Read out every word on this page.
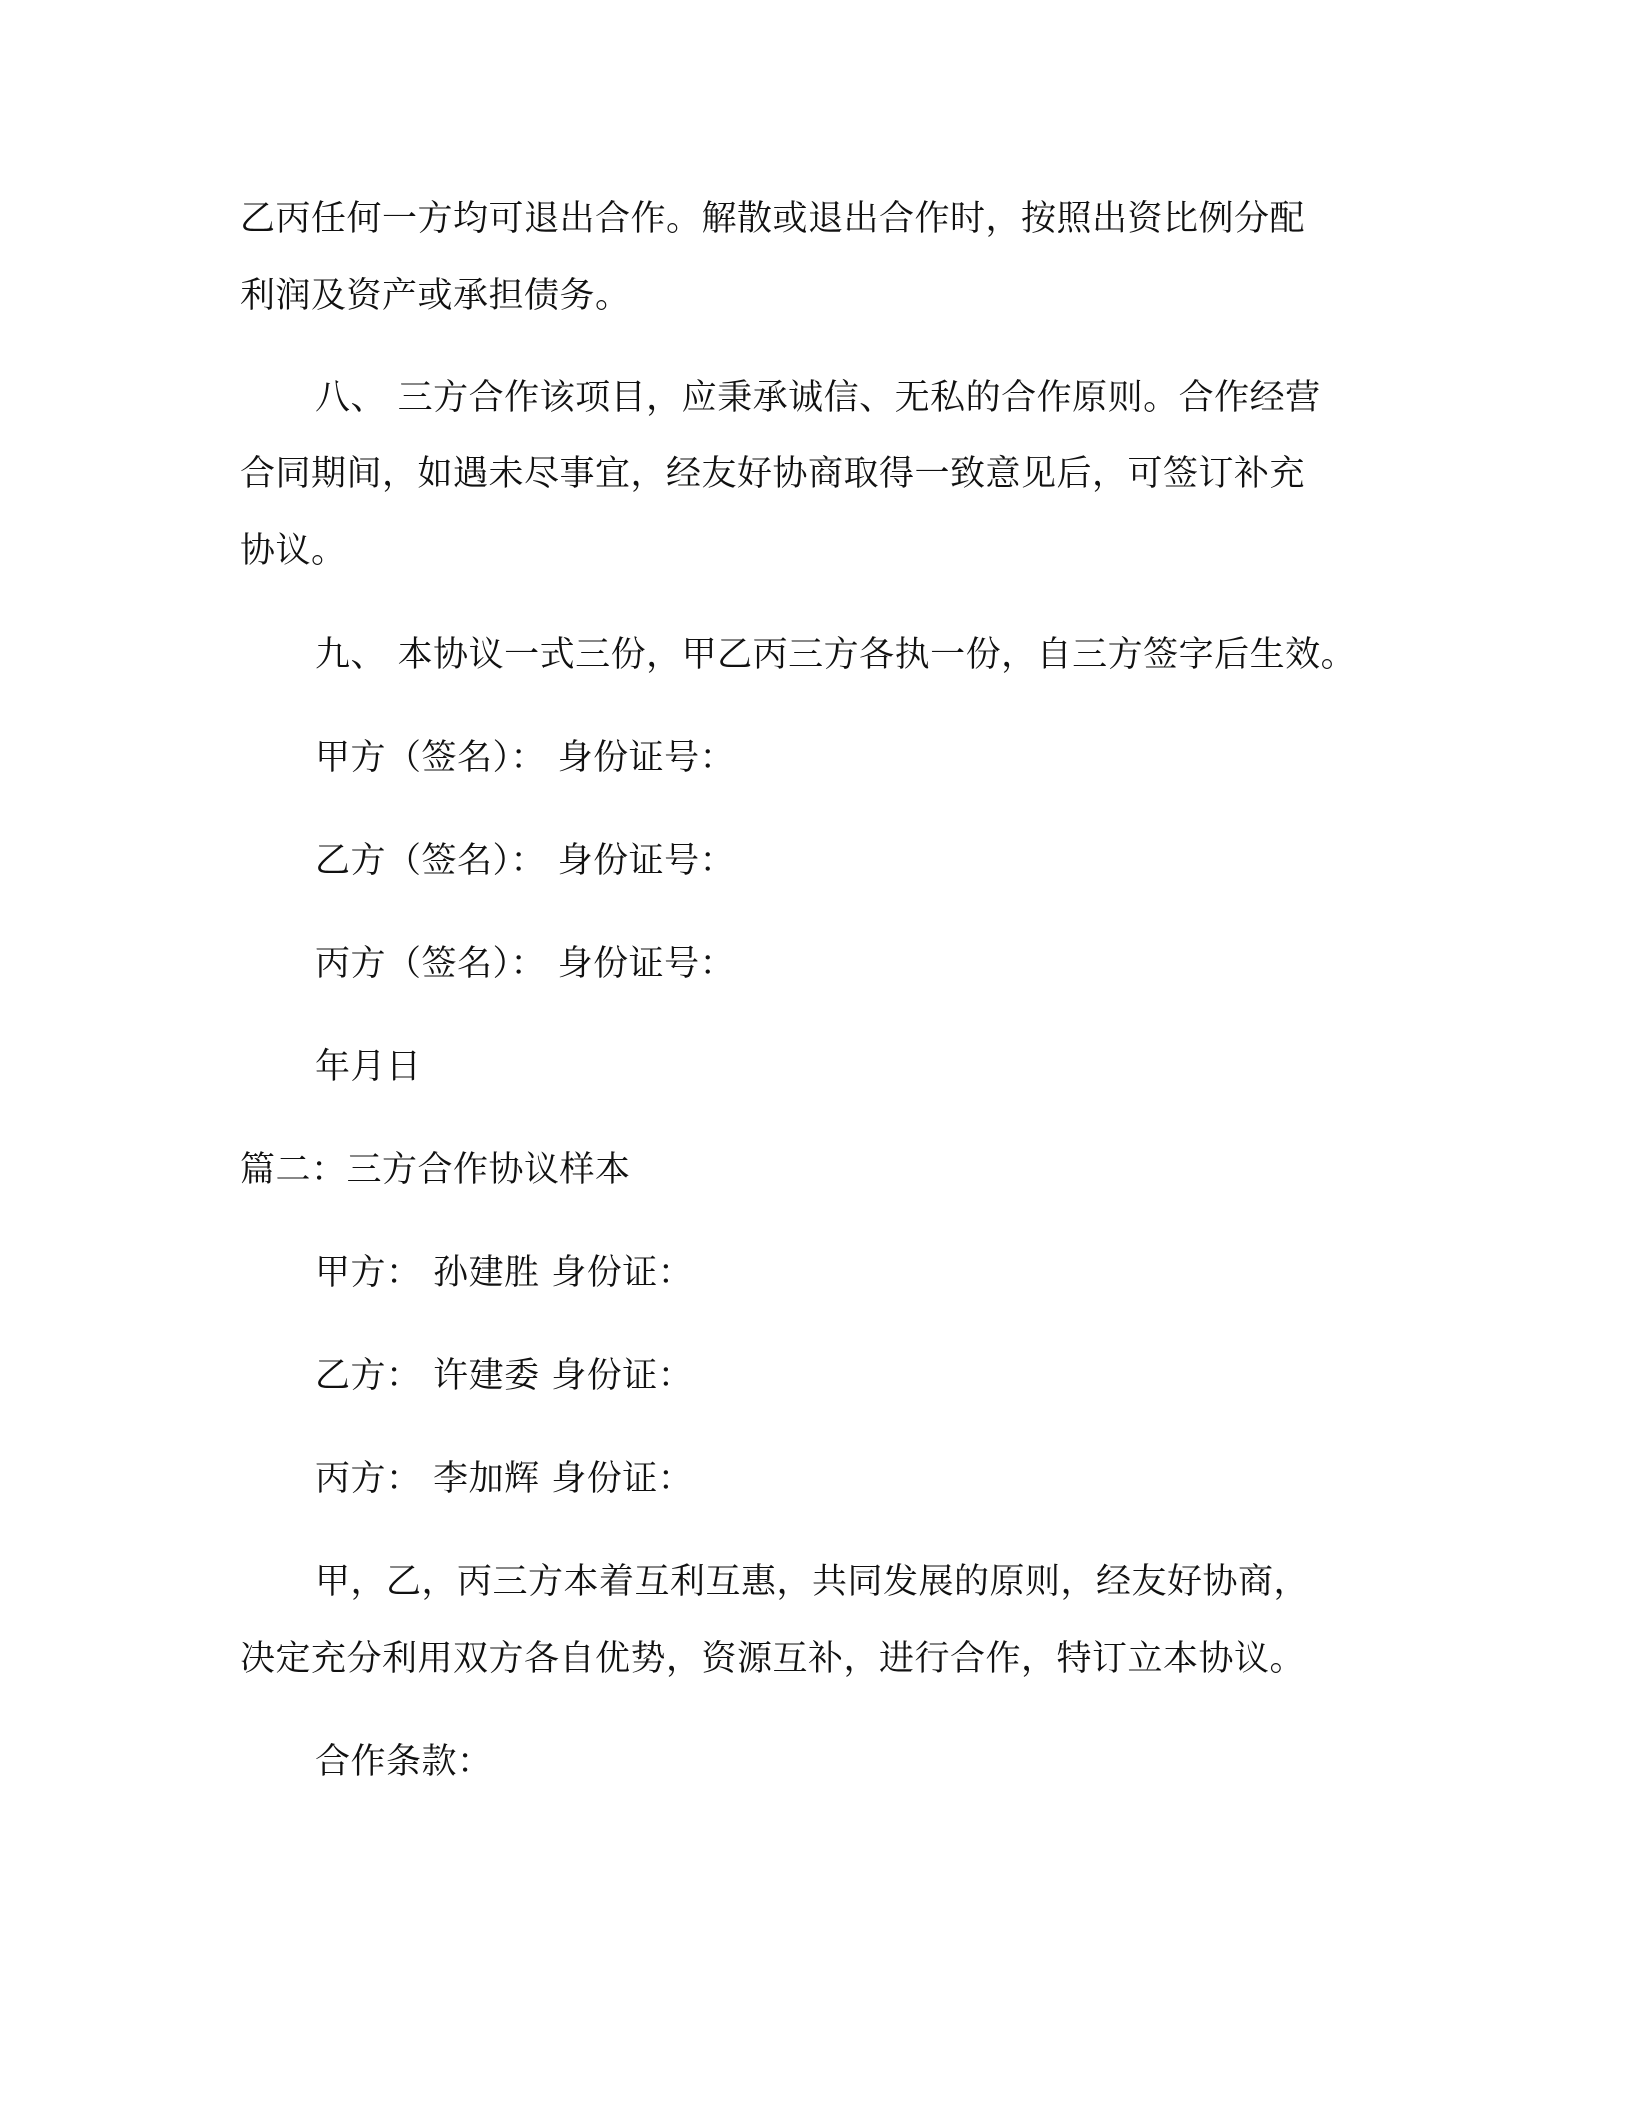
乙丙任何一方均可退出合作。解散或退出合作时，按照出资比例分配
利润及资产或承担债务。
八、 三方合作该项目，应秉承诚信、无私的合作原则。合作经营
合同期间，如遇未尽事宜，经友好协商取得一致意见后，可签订补充
协议。
九、 本协议一式三份，甲乙丙三方各执一份，自三方签字后生效。
甲方（签名）： 身份证号：
乙方（签名）： 身份证号：
丙方（签名）： 身份证号：
年月日
篇二：三方合作协议样本
甲方： 孙建胜 身份证：
乙方： 许建委 身份证：
丙方： 李加辉 身份证：
甲，乙，丙三方本着互利互惠，共同发展的原则，经友好协商，
决定充分利用双方各自优势，资源互补，进行合作，特订立本协议。
合作条款：
